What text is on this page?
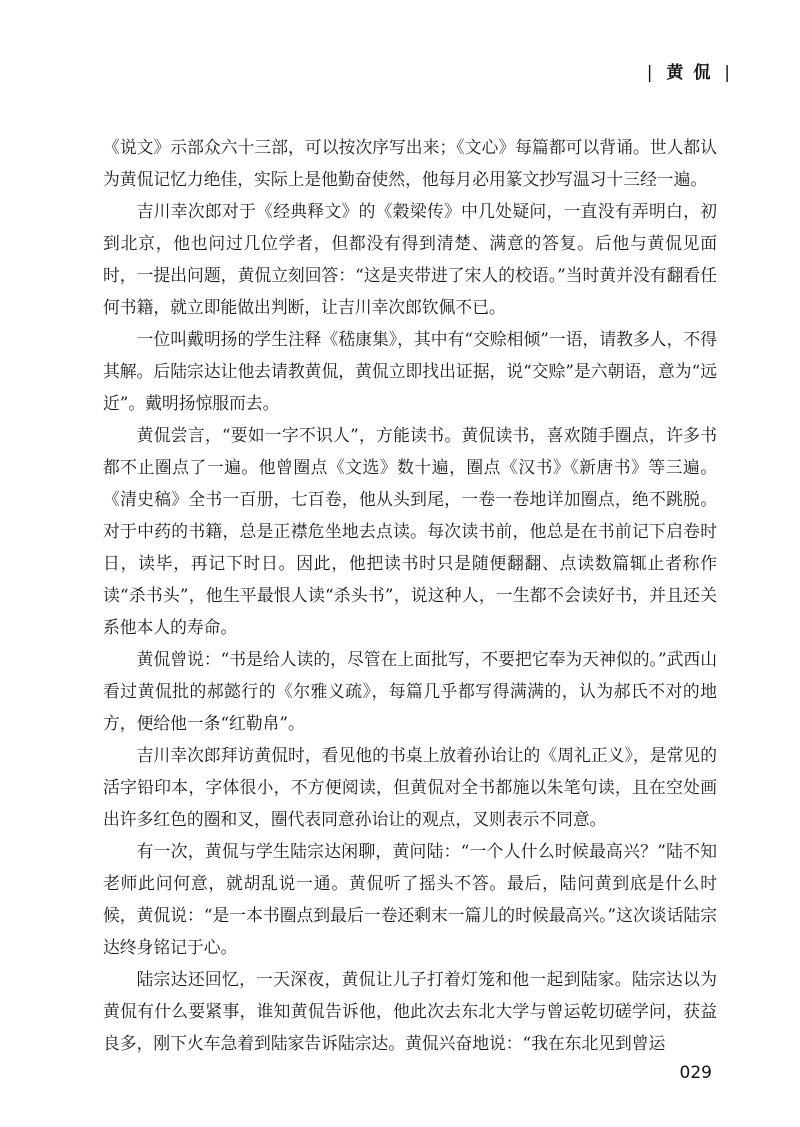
| 黄 侃 |

《说文》示部众六十三部，可以按次序写出来；《文心》每篇都可以背诵。世人都认为黄侃记忆力绝佳，实际上是他勤奋使然，他每月必用篆文抄写温习十三经一遍。

吉川幸次郎对于《经典释文》的《穀梁传》中几处疑问，一直没有弄明白，初到北京，他也问过几位学者，但都没有得到清楚、满意的答复。后他与黄侃见面时，一提出问题，黄侃立刻回答：“这是夹带进了宋人的校语。”当时黄并没有翻看任何书籍，就立即能做出判断，让吉川幸次郎钦佩不已。

一位叫戴明扬的学生注释《嵇康集》，其中有“交赊相倾”一语，请教多人，不得其解。后陆宗达让他去请教黄侃，黄侃立即找出证据，说“交赊”是六朝语，意为“远近”。戴明扬惊服而去。

黄侃尝言，“要如一字不识人”，方能读书。黄侃读书，喜欢随手圈点，许多书都不止圈点了一遍。他曾圈点《文选》数十遍，圈点《汉书》《新唐书》等三遍。《清史稿》全书一百册，七百卷，他从头到尾，一卷一卷地详加圈点，绝不跳脱。对于中药的书籍，总是正襟危坐地去点读。每次读书前，他总是在书前记下启卷时日，读毕，再记下时日。因此，他把读书时只是随便翻翻、点读数篇辄止者称作读“杀书头”，他生平最恨人读“杀头书”，说这种人，一生都不会读好书，并且还关系他本人的寿命。

黄侃曾说：“书是给人读的，尽管在上面批写，不要把它奉为天神似的。”武西山看过黄侃批的郝懿行的《尔雅义疏》，每篇几乎都写得满满的，认为郝氏不对的地方，便给他一条“红勒帛”。

吉川幸次郎拜访黄侃时，看见他的书桌上放着孙诒让的《周礼正义》，是常见的活字铅印本，字体很小，不方便阅读，但黄侃对全书都施以朱笔句读，且在空处画出许多红色的圈和叉，圈代表同意孙诒让的观点，叉则表示不同意。

有一次，黄侃与学生陆宗达闲聊，黄问陆：“一个人什么时候最高兴？”陆不知老师此问何意，就胡乱说一通。黄侃听了摇头不答。最后，陆问黄到底是什么时候，黄侃说：“是一本书圈点到最后一卷还剩末一篇儿的时候最高兴。”这次谈话陆宗达终身铭记于心。

陆宗达还回忆，一天深夜，黄侃让儿子打着灯笼和他一起到陆家。陆宗达以为黄侃有什么要紧事，谁知黄侃告诉他，他此次去东北大学与曾运乾切磋学问，获益良多，刚下火车急着到陆家告诉陆宗达。黄侃兴奋地说：“我在东北见到曾运

029
